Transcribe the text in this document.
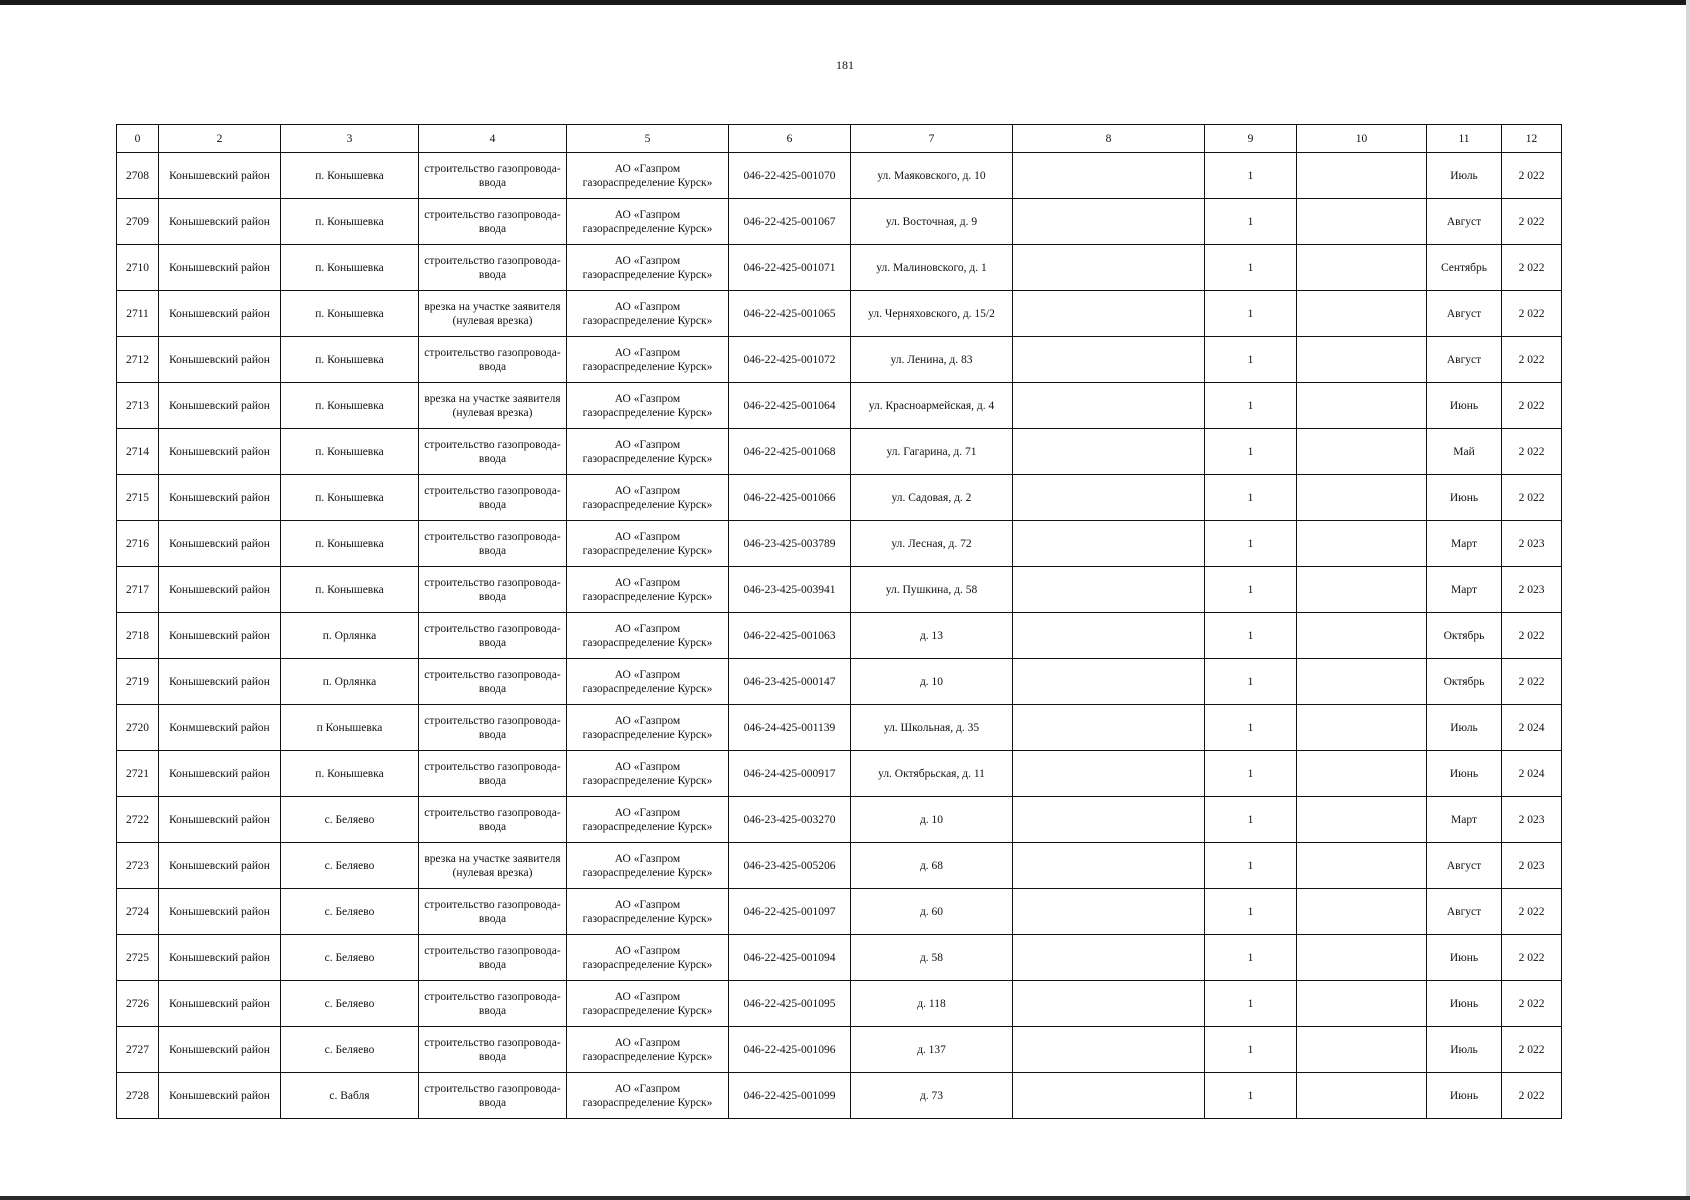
181
0	2	3	4	5	6	7	8	9	10	11	12
2708	Конышевский район	п. Конышевка	строительство газопровода-ввода	АО «Газпром газораспределение Курск»	046-22-425-001070	ул. Маяковского, д. 10		1		Июль	2 022
2709	Конышевский район	п. Конышевка	строительство газопровода-ввода	АО «Газпром газораспределение Курск»	046-22-425-001067	ул. Восточная, д. 9		1		Август	2 022
2710	Конышевский район	п. Конышевка	строительство газопровода-ввода	АО «Газпром газораспределение Курск»	046-22-425-001071	ул. Малиновского, д. 1		1		Сентябрь	2 022
2711	Конышевский район	п. Конышевка	врезка на участке заявителя (нулевая врезка)	АО «Газпром газораспределение Курск»	046-22-425-001065	ул. Черняховского, д. 15/2		1		Август	2 022
2712	Конышевский район	п. Конышевка	строительство газопровода-ввода	АО «Газпром газораспределение Курск»	046-22-425-001072	ул. Ленина, д. 83		1		Август	2 022
2713	Конышевский район	п. Конышевка	врезка на участке заявителя (нулевая врезка)	АО «Газпром газораспределение Курск»	046-22-425-001064	ул. Красноармейская, д. 4		1		Июнь	2 022
2714	Конышевский район	п. Конышевка	строительство газопровода-ввода	АО «Газпром газораспределение Курск»	046-22-425-001068	ул. Гагарина, д. 71		1		Май	2 022
2715	Конышевский район	п. Конышевка	строительство газопровода-ввода	АО «Газпром газораспределение Курск»	046-22-425-001066	ул. Садовая, д. 2		1		Июнь	2 022
2716	Конышевский район	п. Конышевка	строительство газопровода-ввода	АО «Газпром газораспределение Курск»	046-23-425-003789	ул. Лесная, д. 72		1		Март	2 023
2717	Конышевский район	п. Конышевка	строительство газопровода-ввода	АО «Газпром газораспределение Курск»	046-23-425-003941	ул. Пушкина, д. 58		1		Март	2 023
2718	Конышевский район	п. Орлянка	строительство газопровода-ввода	АО «Газпром газораспределение Курск»	046-22-425-001063	д. 13		1		Октябрь	2 022
2719	Конышевский район	п. Орлянка	строительство газопровода-ввода	АО «Газпром газораспределение Курск»	046-23-425-000147	д. 10		1		Октябрь	2 022
2720	Конмшевский район	п Конышевка	строительство газопровода-ввода	АО «Газпром газораспределение Курск»	046-24-425-001139	ул. Школьная, д. 35		1		Июль	2 024
2721	Конышевский район	п. Конышевка	строительство газопровода-ввода	АО «Газпром газораспределение Курск»	046-24-425-000917	ул. Октябрьская, д. 11		1		Июнь	2 024
2722	Конышевский район	с. Беляево	строительство газопровода-ввода	АО «Газпром газораспределение Курск»	046-23-425-003270	д. 10		1		Март	2 023
2723	Конышевский район	с. Беляево	врезка на участке заявителя (нулевая врезка)	АО «Газпром газораспределение Курск»	046-23-425-005206	д. 68		1		Август	2 023
2724	Конышевский район	с. Беляево	строительство газопровода-ввода	АО «Газпром газораспределение Курск»	046-22-425-001097	д. 60		1		Август	2 022
2725	Конышевский район	с. Беляево	строительство газопровода-ввода	АО «Газпром газораспределение Курск»	046-22-425-001094	д. 58		1		Июнь	2 022
2726	Конышевский район	с. Беляево	строительство газопровода-ввода	АО «Газпром газораспределение Курск»	046-22-425-001095	д. 118		1		Июнь	2 022
2727	Конышевский район	с. Беляево	строительство газопровода-ввода	АО «Газпром газораспределение Курск»	046-22-425-001096	д. 137		1		Июль	2 022
2728	Конышевский район	с. Вабля	строительство газопровода-ввода	АО «Газпром газораспределение Курск»	046-22-425-001099	д. 73		1		Июнь	2 022
